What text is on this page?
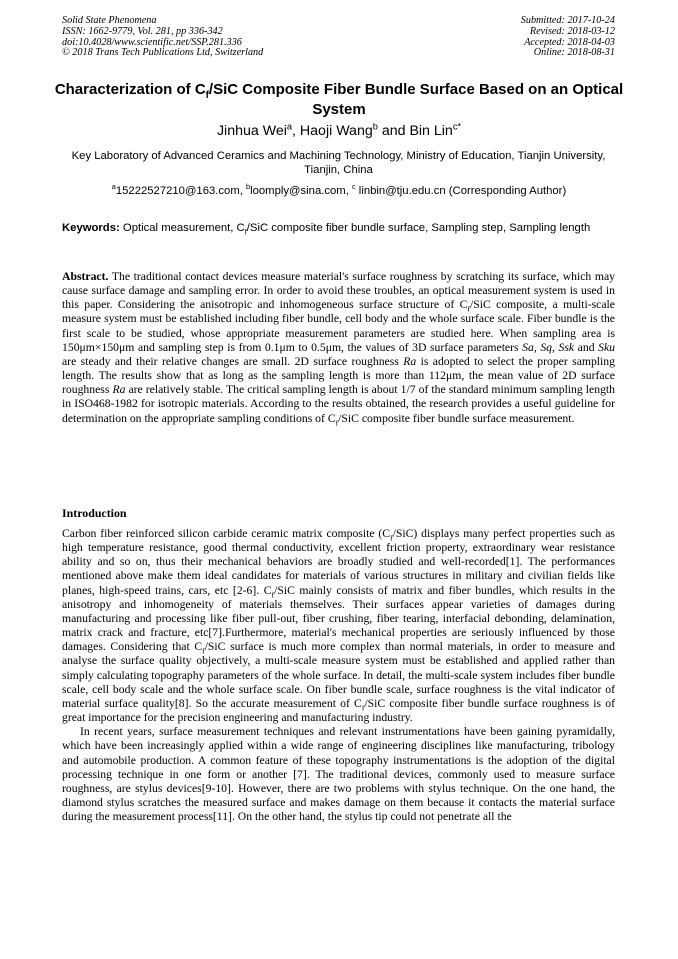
Solid State Phenomena
ISSN: 1662-9779, Vol. 281, pp 336-342
doi:10.4028/www.scientific.net/SSP.281.336
© 2018 Trans Tech Publications Ltd, Switzerland
Submitted: 2017-10-24
Revised: 2018-03-12
Accepted: 2018-04-03
Online: 2018-08-31
Characterization of $C_f$/SiC Composite Fiber Bundle Surface Based on an Optical System
Jinhua Wei$^a$, Haoji Wang$^b$ and Bin Lin$^{c*}$
Key Laboratory of Advanced Ceramics and Machining Technology, Ministry of Education, Tianjin University, Tianjin, China
$^a$15222527210@163.com, $^b$loomply@sina.com, $^c$ linbin@tju.edu.cn (Corresponding Author)
Keywords: Optical measurement, $C_f$/SiC composite fiber bundle surface, Sampling step, Sampling length

Abstract. The traditional contact devices measure material's surface roughness by scratching its surface, which may cause surface damage and sampling error. In order to avoid these troubles, an optical measurement system is used in this paper. Considering the anisotropic and inhomogeneous surface structure of $C_f$/SiC composite, a multi-scale measure system must be established including fiber bundle, cell body and the whole surface scale. Fiber bundle is the first scale to be studied, whose appropriate measurement parameters are studied here. When sampling area is 150μm×150μm and sampling step is from 0.1μm to 0.5μm, the values of 3D surface parameters Sa, Sq, Ssk and Sku are steady and their relative changes are small. 2D surface roughness Ra is adopted to select the proper sampling length. The results show that as long as the sampling length is more than 112μm, the mean value of 2D surface roughness Ra are relatively stable. The critical sampling length is about 1/7 of the standard minimum sampling length in ISO468-1982 for isotropic materials. According to the results obtained, the research provides a useful guideline for determination on the appropriate sampling conditions of $C_f$/SiC composite fiber bundle surface measurement.

Introduction

Carbon fiber reinforced silicon carbide ceramic matrix composite $(C_f/SiC)$ displays many perfect properties such as high temperature resistance, good thermal conductivity, excellent friction property, extraordinary wear resistance ability and so on, thus their mechanical behaviors are broadly studied and well-recorded[1]. The performances mentioned above make them ideal candidates for materials of various structures in military and civilian fields like planes, high-speed trains, cars, etc [2-6]. $C_f$/SiC mainly consists of matrix and fiber bundles, which results in the anisotropy and inhomogeneity of materials themselves. Their surfaces appear varieties of damages during manufacturing and processing like fiber pull-out, fiber crushing, fiber tearing, interfacial debonding, delamination, matrix crack and fracture, etc[7].Furthermore, material's mechanical properties are seriously influenced by those damages. Considering that $C_f$/SiC surface is much more complex than normal materials, in order to measure and analyse the surface quality objectively, a multi-scale measure system must be established and applied rather than simply calculating topography parameters of the whole surface. In detail, the multi-scale system includes fiber bundle scale, cell body scale and the whole surface scale. On fiber bundle scale, surface roughness is the vital indicator of material surface quality[8]. So the accurate measurement of $C_f$/SiC composite fiber bundle surface roughness is of great importance for the precision engineering and manufacturing industry.

In recent years, surface measurement techniques and relevant instrumentations have been gaining pyramidally, which have been increasingly applied within a wide range of engineering disciplines like manufacturing, tribology and automobile production. A common feature of these topography instrumentations is the adoption of the digital processing technique in one form or another [7]. The traditional devices, commonly used to measure surface roughness, are stylus devices[9-10]. However, there are two problems with stylus technique. On the one hand, the diamond stylus scratches the measured surface and makes damage on them because it contacts the material surface during the measurement process[11]. On the other hand, the stylus tip could not penetrate all the
